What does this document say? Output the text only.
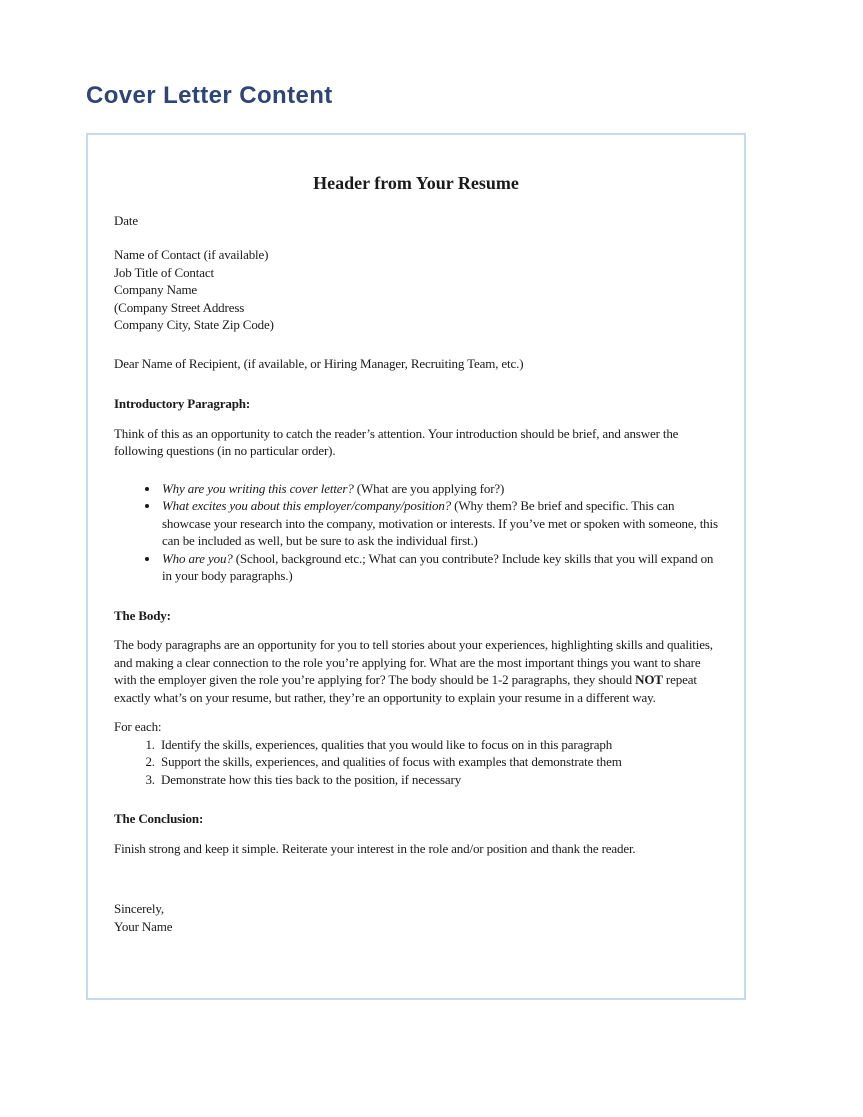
Cover Letter Content
Header from Your Resume

Date

Name of Contact (if available)
Job Title of Contact
Company Name
(Company Street Address
Company City, State Zip Code)

Dear Name of Recipient, (if available, or Hiring Manager, Recruiting Team, etc.)

Introductory Paragraph:

Think of this as an opportunity to catch the reader’s attention. Your introduction should be brief, and answer the following questions (in no particular order).

• Why are you writing this cover letter? (What are you applying for?)
• What excites you about this employer/company/position? (Why them? Be brief and specific. This can showcase your research into the company, motivation or interests. If you’ve met or spoken with someone, this can be included as well, but be sure to ask the individual first.)
• Who are you? (School, background etc.; What can you contribute? Include key skills that you will expand on in your body paragraphs.)

The Body:

The body paragraphs are an opportunity for you to tell stories about your experiences, highlighting skills and qualities, and making a clear connection to the role you’re applying for. What are the most important things you want to share with the employer given the role you’re applying for? The body should be 1-2 paragraphs, they should NOT repeat exactly what’s on your resume, but rather, they’re an opportunity to explain your resume in a different way.

For each:

1. Identify the skills, experiences, qualities that you would like to focus on in this paragraph
2. Support the skills, experiences, and qualities of focus with examples that demonstrate them
3. Demonstrate how this ties back to the position, if necessary

The Conclusion:

Finish strong and keep it simple. Reiterate your interest in the role and/or position and thank the reader.

Sincerely,
Your Name
